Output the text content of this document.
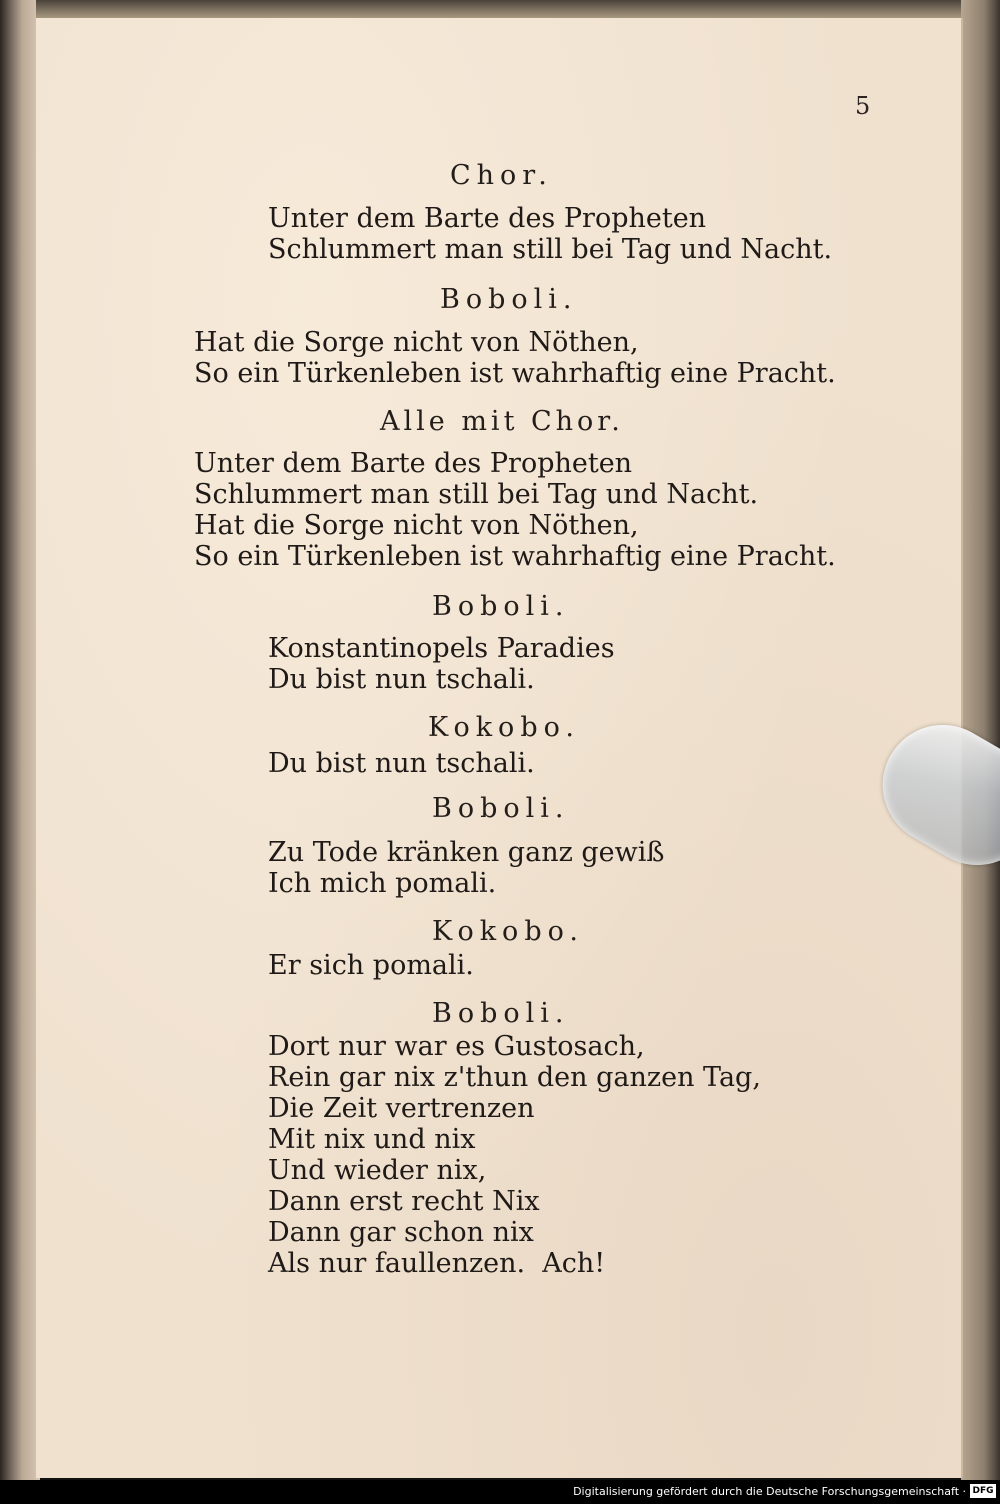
5
Chor.
Unter dem Barte des Propheten
Schlummert man still bei Tag und Nacht.
Boboli.
Hat die Sorge nicht von Nöthen,
So ein Türkenleben ist wahrhaftig eine Pracht.
Alle mit Chor.
Unter dem Barte des Propheten
Schlummert man still bei Tag und Nacht.
Hat die Sorge nicht von Nöthen,
So ein Türkenleben ist wahrhaftig eine Pracht.
Boboli.
Konstantinopels Paradies
Du bist nun tschali.
Kokobo.
Du bist nun tschali.
Boboli.
Zu Tode kränken ganz gewiß
Ich mich pomali.
Kokobo.
Er sich pomali.
Boboli.
Dort nur war es Gustosach,
Rein gar nix z'thun den ganzen Tag,
Die Zeit vertrenzen
Mit nix und nix
Und wieder nix,
Dann erst recht Nix
Dann gar schon nix
Als nur faullenzen.  Ach!
Digitalisierung gefördert durch die Deutsche Forschungsgemeinschaft · DFG
